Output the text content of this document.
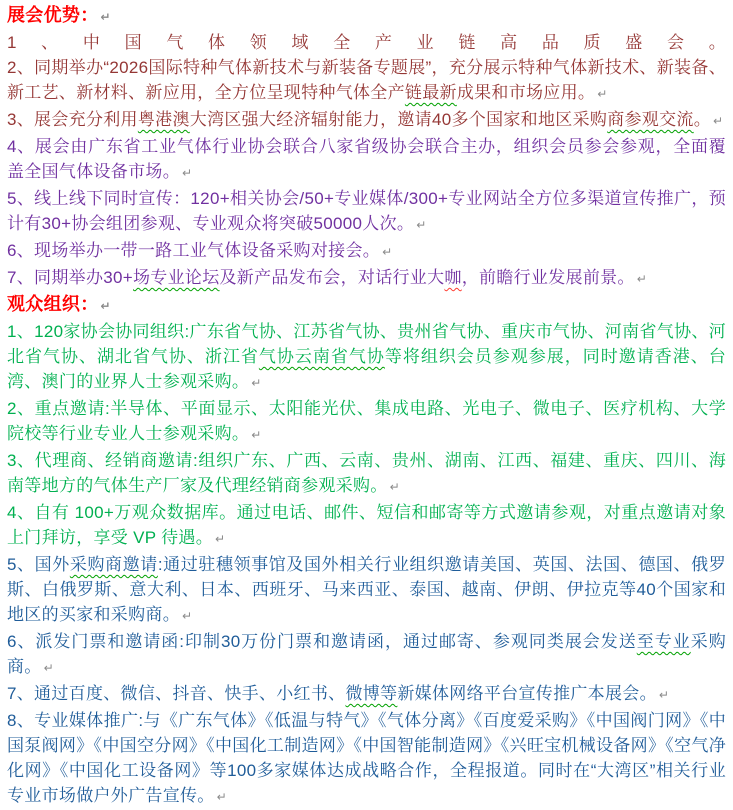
展会优势： ↵

1、中国气体领域全产业链高品质盛会。

2、同期举办“2026国际特种气体新技术与新装备专题展”，充分展示特种气体新技术、新装备、新工艺、新材料、新应用，全方位呈现特种气体全产链最新成果和市场应用。 ↵

3、展会充分利用粤港澳大湾区强大经济辐射能力，邀请40多个国家和地区采购商参观交流。 ↵

4、展会由广东省工业气体行业协会联合八家省级协会联合主办，组织会员参会参观，全面覆盖全国气体设备市场。 ↵

5、线上线下同时宣传：120+相关协会/50+专业媒体/300+专业网站全方位多渠道宣传推广，预计有30+协会组团参观、专业观众将突破50000人次。 ↵

6、现场举办一带一路工业气体设备采购对接会。 ↵

7、同期举办30+场专业论坛及新产品发布会，对话行业大咖，前瞻行业发展前景。 ↵

观众组织： ↵

1、120家协会协同组织:广东省气协、江苏省气协、贵州省气协、重庆市气协、河南省气协、河北省气协、湖北省气协、浙江省气协云南省气协等将组织会员参观参展，同时邀请香港、台湾、澳门的业界人士参观采购。 ↵

2、重点邀请:半导体、平面显示、太阳能光伏、集成电路、光电子、微电子、医疗机构、大学院校等行业专业人士参观采购。 ↵

3、代理商、经销商邀请:组织广东、广西、云南、贵州、湖南、江西、福建、重庆、四川、海南等地方的气体生产厂家及代理经销商参观采购。 ↵

4、自有 100+万观众数据库。通过电话、邮件、短信和邮寄等方式邀请参观，对重点邀请对象上门拜访，享受 VP 待遇。 ↵

5、国外采购商邀请:通过驻穗领事馆及国外相关行业组织邀请美国、英国、法国、德国、俄罗斯、白俄罗斯、意大利、日本、西班牙、马来西亚、泰国、越南、伊朗、伊拉克等40个国家和地区的买家和采购商。 ↵

6、派发门票和邀请函:印制30万份门票和邀请函，通过邮寄、参观同类展会发送至专业采购商。 ↵

7、通过百度、微信、抖音、快手、小红书、微博等新媒体网络平台宣传推广本展会。 ↵

8、专业媒体推广:与《广东气体》《低温与特气》《气体分离》《百度爱采购》《中国阀门网》《中国泵阀网》《中国空分网》《中国化工制造网》《中国智能制造网》《兴旺宝机械设备网》《空气净化网》《中国化工设备网》等100多家媒体达成战略合作，全程报道。同时在“大湾区”相关行业专业市场做户外广告宣传。 ↵
